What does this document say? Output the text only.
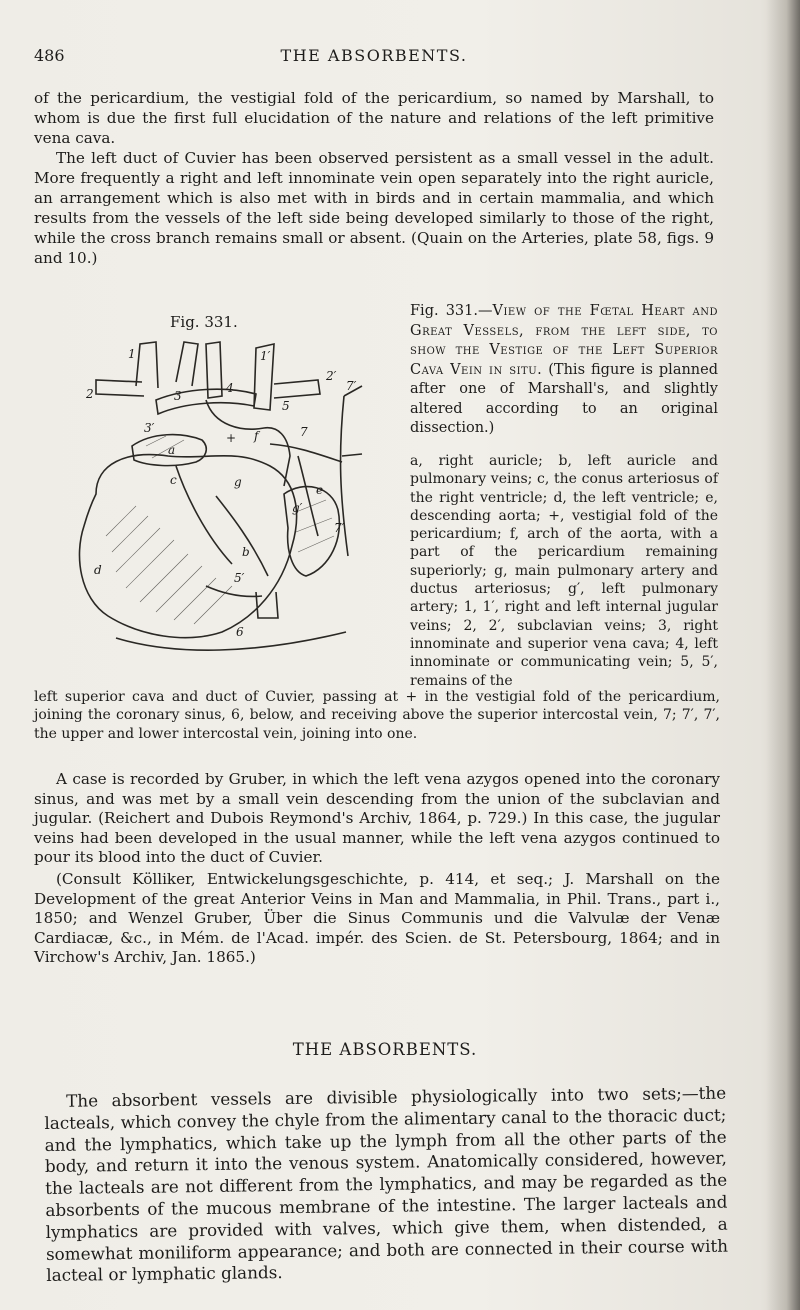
486	THE ABSORBENTS.

of the pericardium, the vestigial fold of the pericardium, so named by Marshall, to whom is due the first full elucidation of the nature and relations of the left primitive vena cava.

The left duct of Cuvier has been observed persistent as a small vessel in the adult. More frequently a right and left innominate vein open separately into the right auricle, an arrangement which is also met with in birds and in certain mammalia, and which results from the vessels of the left side being developed similarly to those of the right, while the cross branch remains small or absent. (Quain on the Arteries, plate 58, figs. 9 and 10.)

Fig. 331.
1	1′
2
2′
3
3′
4
5
5′
6
7
7′
7′
a
b
c
d
e
f
g
g′
+
Fig. 331.—View of the Fœtal Heart and Great Vessels, from the left side, to show the Vestige of the Left Superior Cava Vein in situ. (This figure is planned after one of Marshall's, and slightly altered according to an original dissection.)
a, right auricle; b, left auricle and pulmonary veins; c, the conus arteriosus of the right ventricle; d, the left ventricle; e, descending aorta; +, vestigial fold of the pericardium; f, arch of the aorta, with a part of the pericardium remaining superiorly; g, main pulmonary artery and ductus arteriosus; g′, left pulmonary artery; 1, 1′, right and left internal jugular veins; 2, 2′, subclavian veins; 3, right innominate and superior vena cava; 4, left innominate or communicating vein; 5, 5′, remains of the
left superior cava and duct of Cuvier, passing at + in the vestigial fold of the pericardium, joining the coronary sinus, 6, below, and receiving above the superior intercostal vein, 7; 7′, 7′, the upper and lower intercostal vein, joining into one.

A case is recorded by Gruber, in which the left vena azygos opened into the coronary sinus, and was met by a small vein descending from the union of the subclavian and jugular. (Reichert and Dubois Reymond's Archiv, 1864, p. 729.) In this case, the jugular veins had been developed in the usual manner, while the left vena azygos continued to pour its blood into the duct of Cuvier.

(Consult Kölliker, Entwickelungsgeschichte, p. 414, et seq.; J. Marshall on the Development of the great Anterior Veins in Man and Mammalia, in Phil. Trans., part i., 1850; and Wenzel Gruber, Über die Sinus Communis und die Valvulæ der Venæ Cardiacæ, &c., in Mém. de l'Acad. impér. des Scien. de St. Petersbourg, 1864; and in Virchow's Archiv, Jan. 1865.)

THE ABSORBENTS.

The absorbent vessels are divisible physiologically into two sets;—the lacteals, which convey the chyle from the alimentary canal to the thoracic duct; and the lymphatics, which take up the lymph from all the other parts of the body, and return it into the venous system. Anatomically considered, however, the lacteals are not different from the lymphatics, and may be regarded as the absorbents of the mucous membrane of the intestine. The larger lacteals and lymphatics are provided with valves, which give them, when distended, a somewhat moniliform appearance; and both are connected in their course with lacteal or lymphatic glands.
